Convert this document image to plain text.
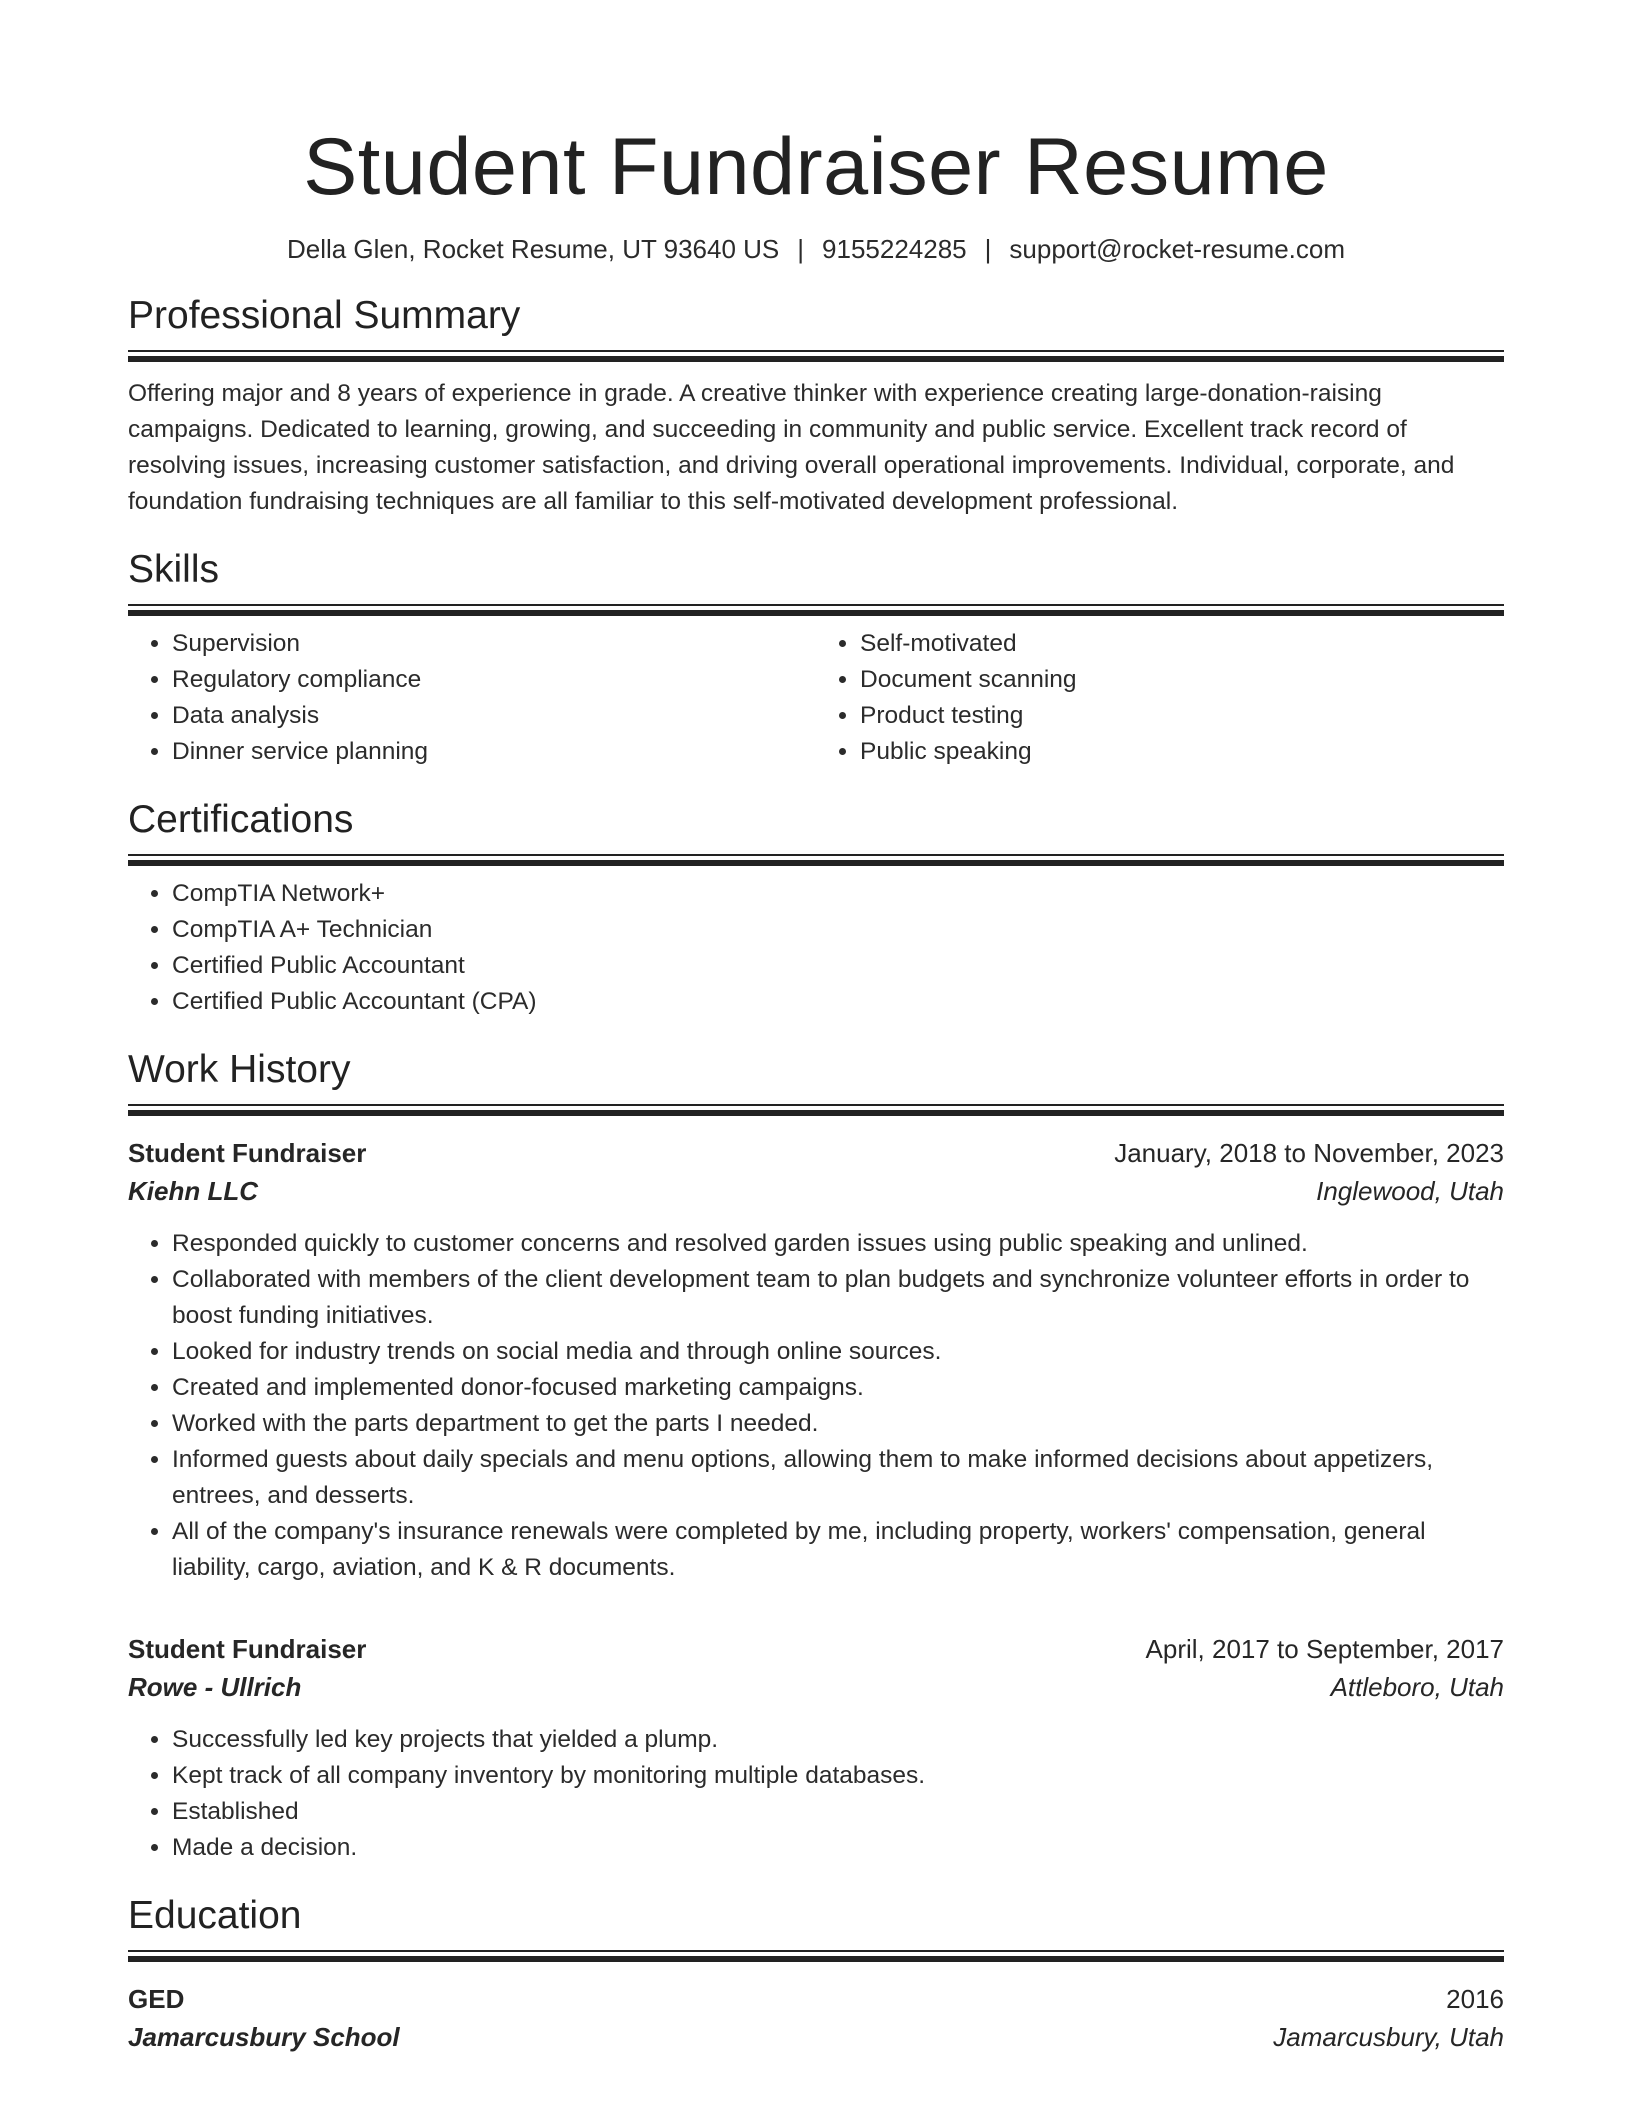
Student Fundraiser Resume
Della Glen, Rocket Resume, UT 93640 US | 9155224285 | support@rocket-resume.com
Professional Summary

Offering major and 8 years of experience in grade. A creative thinker with experience creating large-donation-raising campaigns. Dedicated to learning, growing, and succeeding in community and public service. Excellent track record of resolving issues, increasing customer satisfaction, and driving overall operational improvements. Individual, corporate, and foundation fundraising techniques are all familiar to this self-motivated development professional.

Skills
• Supervision
• Regulatory compliance
• Data analysis
• Dinner service planning
• Self-motivated
• Document scanning
• Product testing
• Public speaking
Certifications
• CompTIA Network+
• CompTIA A+ Technician
• Certified Public Accountant
• Certified Public Accountant (CPA)
Work History
Student Fundraiser	January, 2018 to November, 2023
Kiehn LLC	Inglewood, Utah
• Responded quickly to customer concerns and resolved garden issues using public speaking and unlined.
• Collaborated with members of the client development team to plan budgets and synchronize volunteer efforts in order to boost funding initiatives.
• Looked for industry trends on social media and through online sources.
• Created and implemented donor-focused marketing campaigns.
• Worked with the parts department to get the parts I needed.
• Informed guests about daily specials and menu options, allowing them to make informed decisions about appetizers, entrees, and desserts.
• All of the company's insurance renewals were completed by me, including property, workers' compensation, general liability, cargo, aviation, and K & R documents.
Student Fundraiser	April, 2017 to September, 2017
Rowe - Ullrich	Attleboro, Utah
• Successfully led key projects that yielded a plump.
• Kept track of all company inventory by monitoring multiple databases.
• Established
• Made a decision.
Education
GED	2016
Jamarcusbury School	Jamarcusbury, Utah
